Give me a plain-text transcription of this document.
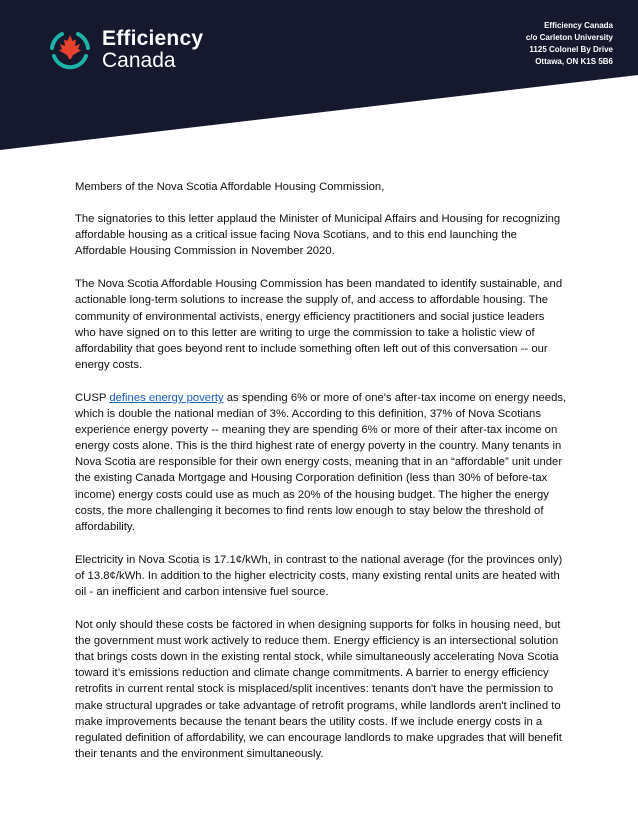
Efficiency
Canada
Efficiency Canada
c/o Carleton University
1125 Colonel By Drive
Ottawa, ON K1S 5B6

Members of the Nova Scotia Affordable Housing Commission,

The signatories to this letter applaud the Minister of Municipal Affairs and Housing for recognizing affordable housing as a critical issue facing Nova Scotians, and to this end launching the Affordable Housing Commission in November 2020.

The Nova Scotia Affordable Housing Commission has been mandated to identify sustainable, and actionable long-term solutions to increase the supply of, and access to affordable housing. The community of environmental activists, energy efficiency practitioners and social justice leaders who have signed on to this letter are writing to urge the commission to take a holistic view of affordability that goes beyond rent to include something often left out of this conversation -- our energy costs.

CUSP defines energy poverty as spending 6% or more of one's after-tax income on energy needs, which is double the national median of 3%. According to this definition, 37% of Nova Scotians experience energy poverty -- meaning they are spending 6% or more of their after-tax income on energy costs alone. This is the third highest rate of energy poverty in the country. Many tenants in Nova Scotia are responsible for their own energy costs, meaning that in an “affordable” unit under the existing Canada Mortgage and Housing Corporation definition (less than 30% of before-tax income) energy costs could use as much as 20% of the housing budget. The higher the energy costs, the more challenging it becomes to find rents low enough to stay below the threshold of affordability.

Electricity in Nova Scotia is 17.1¢/kWh, in contrast to the national average (for the provinces only) of 13.8¢/kWh. In addition to the higher electricity costs, many existing rental units are heated with oil - an inefficient and carbon intensive fuel source.

Not only should these costs be factored in when designing supports for folks in housing need, but the government must work actively to reduce them. Energy efficiency is an intersectional solution that brings costs down in the existing rental stock, while simultaneously accelerating Nova Scotia toward it’s emissions reduction and climate change commitments. A barrier to energy efficiency retrofits in current rental stock is misplaced/split incentives: tenants don't have the permission to make structural upgrades or take advantage of retrofit programs, while landlords aren't inclined to make improvements because the tenant bears the utility costs. If we include energy costs in a regulated definition of affordability, we can encourage landlords to make upgrades that will benefit their tenants and the environment simultaneously.
